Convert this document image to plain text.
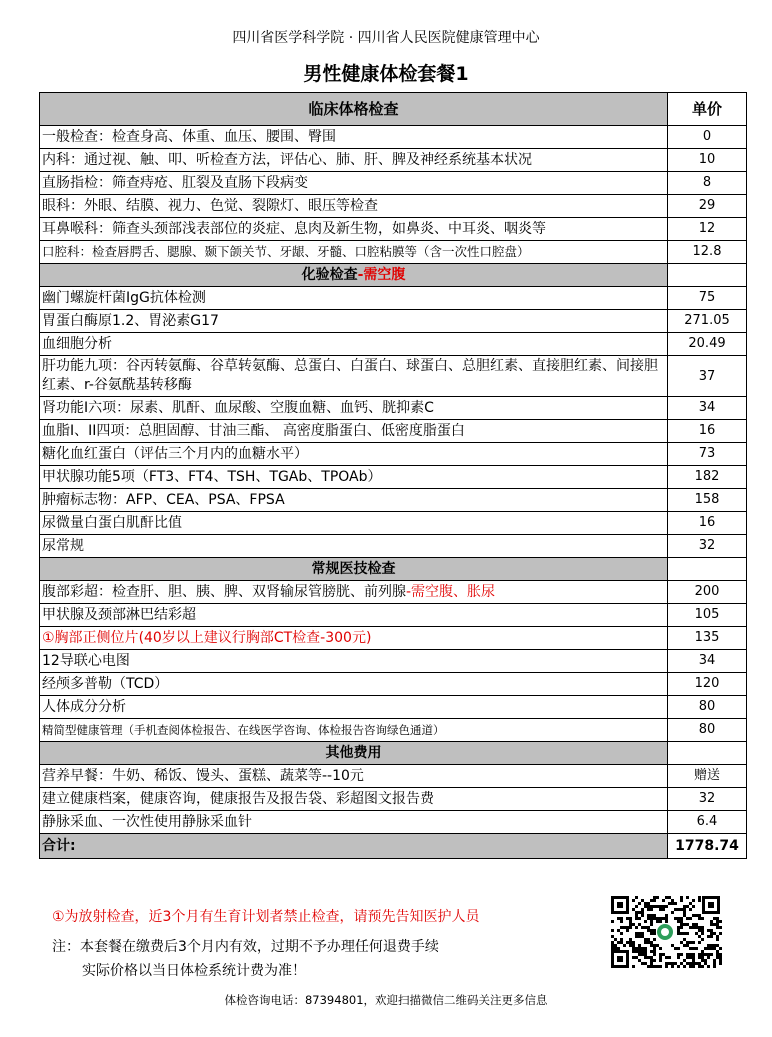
四川省医学科学院 · 四川省人民医院健康管理中心
男性健康体检套餐1
临床体格检查	单价
一般检查：检查身高、体重、血压、腰围、臀围	0
内科：通过视、触、叩、听检查方法，评估心、肺、肝、脾及神经系统基本状况	10
直肠指检：筛查痔疮、肛裂及直肠下段病变	8
眼科：外眼、结膜、视力、色觉、裂隙灯、眼压等检查	29
耳鼻喉科：筛查头颈部浅表部位的炎症、息肉及新生物，如鼻炎、中耳炎、咽炎等	12
口腔科：检查唇腭舌、腮腺、颞下颌关节、牙龈、牙髓、口腔粘膜等（含一次性口腔盘）	12.8
化验检查-需空腹	
幽门螺旋杆菌IgG抗体检测	75
胃蛋白酶原1.2、胃泌素G17	271.05
血细胞分析	20.49
肝功能九项：谷丙转氨酶、谷草转氨酶、总蛋白、白蛋白、球蛋白、总胆红素、直接胆红素、间接胆红素、r-谷氨酰基转移酶	37
肾功能I六项：尿素、肌酐、血尿酸、空腹血糖、血钙、胱抑素C	34
血脂I、II四项：总胆固醇、甘油三酯、 高密度脂蛋白、低密度脂蛋白	16
糖化血红蛋白（评估三个月内的血糖水平）	73
甲状腺功能5项（FT3、FT4、TSH、TGAb、TPOAb）	182
肿瘤标志物：AFP、CEA、PSA、FPSA	158
尿微量白蛋白肌酐比值	16
尿常规	32
常规医技检查	
腹部彩超：检查肝、胆、胰、脾、双肾输尿管膀胱、前列腺-需空腹、胀尿	200
甲状腺及颈部淋巴结彩超	105
①胸部正侧位片(40岁以上建议行胸部CT检查-300元)	135
12导联心电图	34
经颅多普勒（TCD）	120
人体成分分析	80
精简型健康管理（手机查阅体检报告、在线医学咨询、体检报告咨询绿色通道）	80
其他费用	
营养早餐：牛奶、稀饭、馒头、蛋糕、蔬菜等--10元	赠送
建立健康档案，健康咨询，健康报告及报告袋、彩超图文报告费	32
静脉采血、一次性使用静脉采血针	6.4
合计:	1778.74
①为放射检查，近3个月有生育计划者禁止检查，请预先告知医护人员
注：本套餐在缴费后3个月内有效，过期不予办理任何退费手续
实际价格以当日体检系统计费为准！
体检咨询电话：87394801，欢迎扫描微信二维码关注更多信息
